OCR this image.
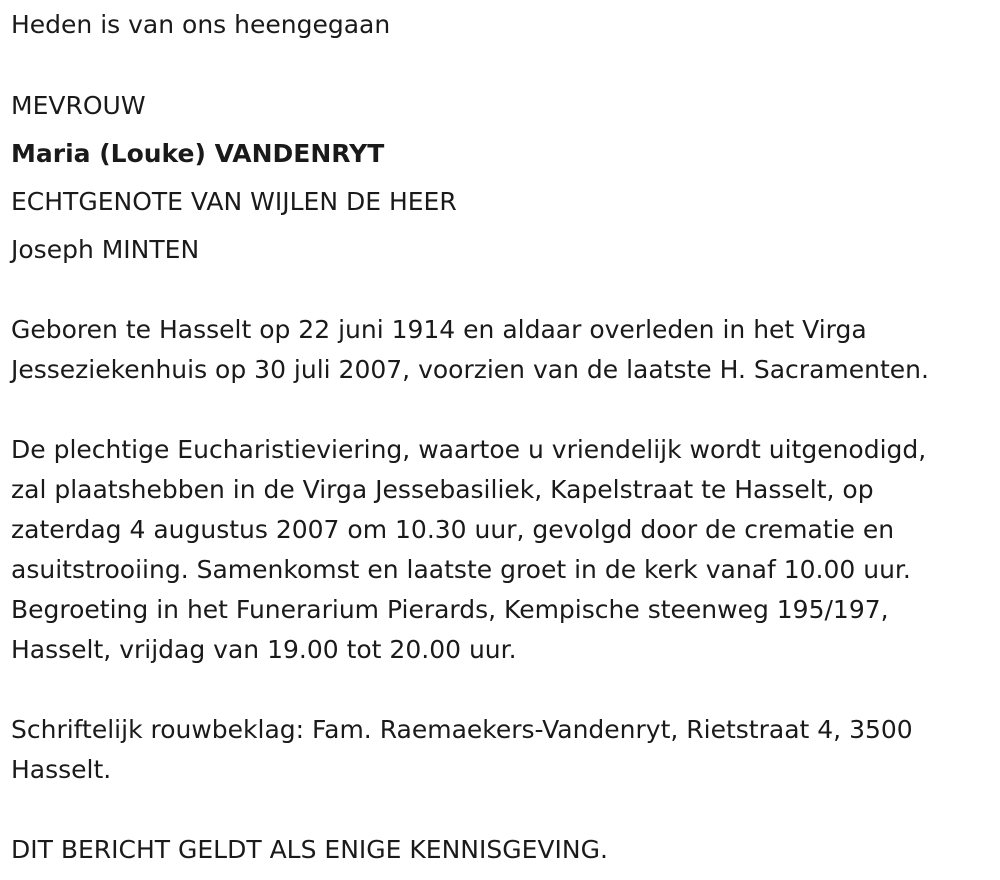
Heden is van ons heengegaan

MEVROUW

Maria (Louke) VANDENRYT

ECHTGENOTE VAN WIJLEN DE HEER

Joseph MINTEN

Geboren te Hasselt op 22 juni 1914 en aldaar overleden in het Virga

Jesseziekenhuis op 30 juli 2007, voorzien van de laatste H. Sacramenten.

De plechtige Eucharistieviering, waartoe u vriendelijk wordt uitgenodigd,

zal plaatshebben in de Virga Jessebasiliek, Kapelstraat te Hasselt, op

zaterdag 4 augustus 2007 om 10.30 uur, gevolgd door de crematie en

asuitstrooiing. Samenkomst en laatste groet in de kerk vanaf 10.00 uur.

Begroeting in het Funerarium Pierards, Kempische steenweg 195/197,

Hasselt, vrijdag van 19.00 tot 20.00 uur.

Schriftelijk rouwbeklag: Fam. Raemaekers-Vandenryt, Rietstraat 4, 3500

Hasselt.

DIT BERICHT GELDT ALS ENIGE KENNISGEVING.
